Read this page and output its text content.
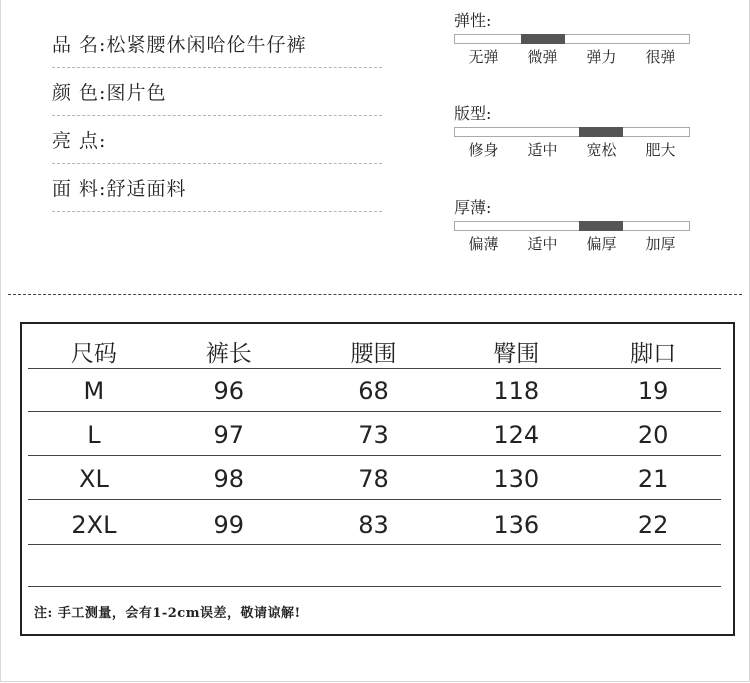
品 名: 松紧腰休闲哈伦牛仔裤
颜 色: 图片色
亮 点:
面 料: 舒适面料
弹性:
无弹	微弹	弹力	很弹
版型:
修身	适中	宽松	肥大
厚薄:
偏薄	适中	偏厚	加厚
尺码	裤长	腰围	臀围	脚口
M	96	68	118	19
L	97	73	124	20
XL	98	78	130	21
2XL	99	83	136	22
注: 手工测量，会有1-2cm误差，敬请谅解!
